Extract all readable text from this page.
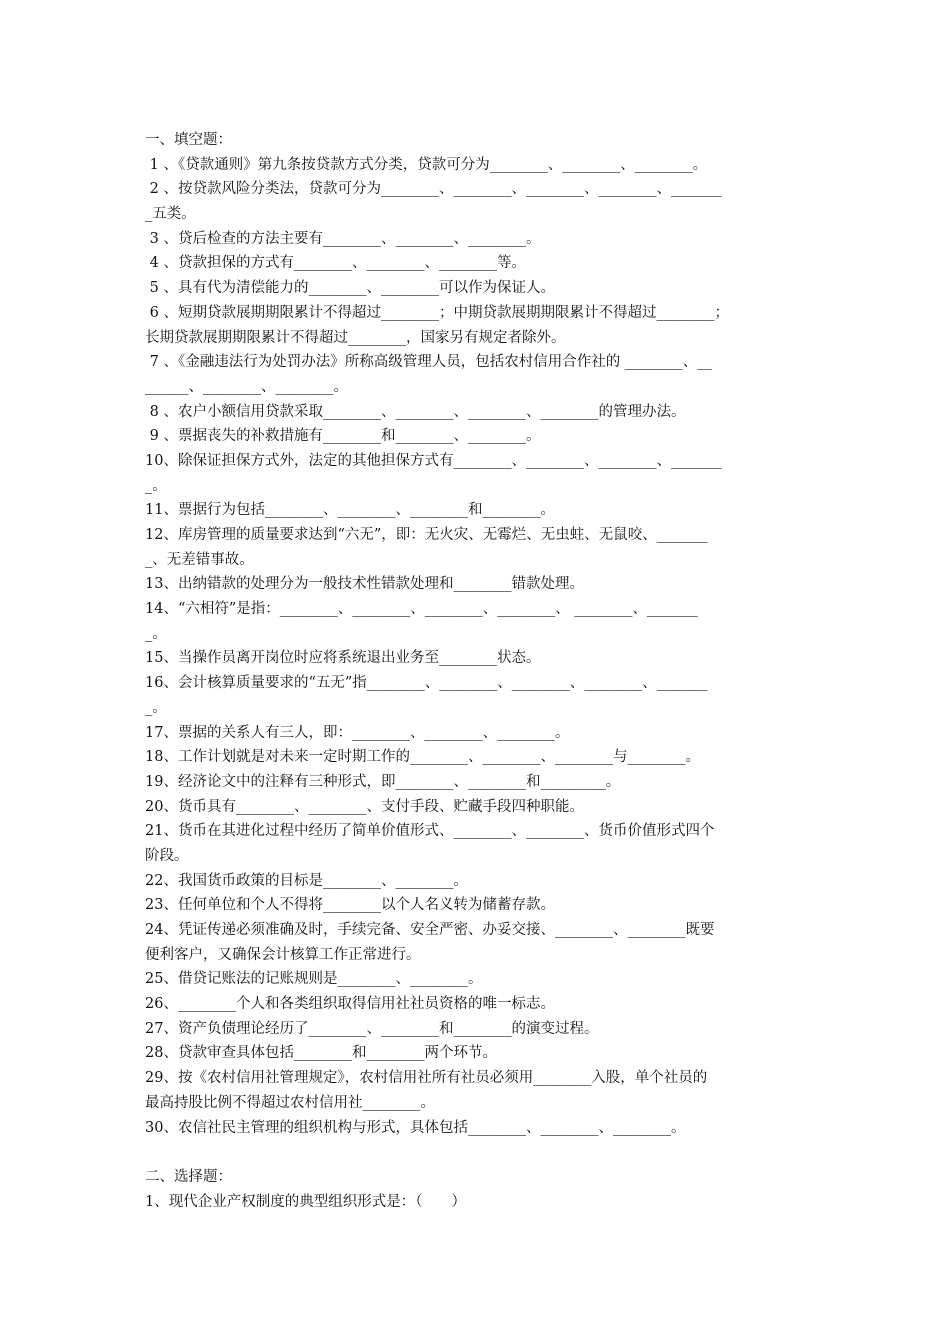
一、填空题：
1 、《贷款通则》第九条按贷款方式分类，贷款可分为________、________、________。
2 、按贷款风险分类法，贷款可分为________、________、________、________、_______
_五类。
3 、贷后检查的方法主要有________、________、________。
4 、贷款担保的方式有________、________、________等。
5 、具有代为清偿能力的________、________可以作为保证人。
6 、短期贷款展期期限累计不得超过________；中期贷款展期期限累计不得超过________；
长期贷款展期期限累计不得超过________，国家另有规定者除外。
7 、《金融违法行为处罚办法》所称高级管理人员，包括农村信用合作社的 ________、__
______、________、________。
8 、农户小额信用贷款采取________、________、________、________的管理办法。
9 、票据丧失的补救措施有________和________、________。
10、除保证担保方式外，法定的其他担保方式有________、________、________、_______
_。
11、票据行为包括________、________、________和________。
12、库房管理的质量要求达到“六无”，即：无火灾、无霉烂、无虫蛀、无鼠咬、_______
_、无差错事故。
13、出纳错款的处理分为一般技术性错款处理和________错款处理。
14、“六相符”是指：________、________、________、________、 ________、_______
_。
15、当操作员离开岗位时应将系统退出业务至________状态。
16、会计核算质量要求的“五无”指________、________、________、________、_______
_。
17、票据的关系人有三人，即：________、________、________。
18、工作计划就是对未来一定时期工作的________、________、________与________。
19、经济论文中的注释有三种形式，即________、________和_________。
20、货币具有________、________、支付手段、贮藏手段四种职能。
21、货币在其进化过程中经历了简单价值形式、________、________、货币价值形式四个
阶段。
22、我国货币政策的目标是________、________。
23、任何单位和个人不得将________以个人名义转为储蓄存款。
24、凭证传递必须准确及时，手续完备、安全严密、办妥交接、________、________既要
便利客户，又确保会计核算工作正常进行。
25、借贷记账法的记账规则是________、________。
26、________个人和各类组织取得信用社社员资格的唯一标志。
27、资产负债理论经历了________、________和________的演变过程。
28、贷款审查具体包括________和________两个环节。
29、按《农村信用社管理规定》，农村信用社所有社员必须用________入股，单个社员的
最高持股比例不得超过农村信用社________。
30、农信社民主管理的组织机构与形式，具体包括________、________、________。
二、选择题：
1、现代企业产权制度的典型组织形式是：（　　）
